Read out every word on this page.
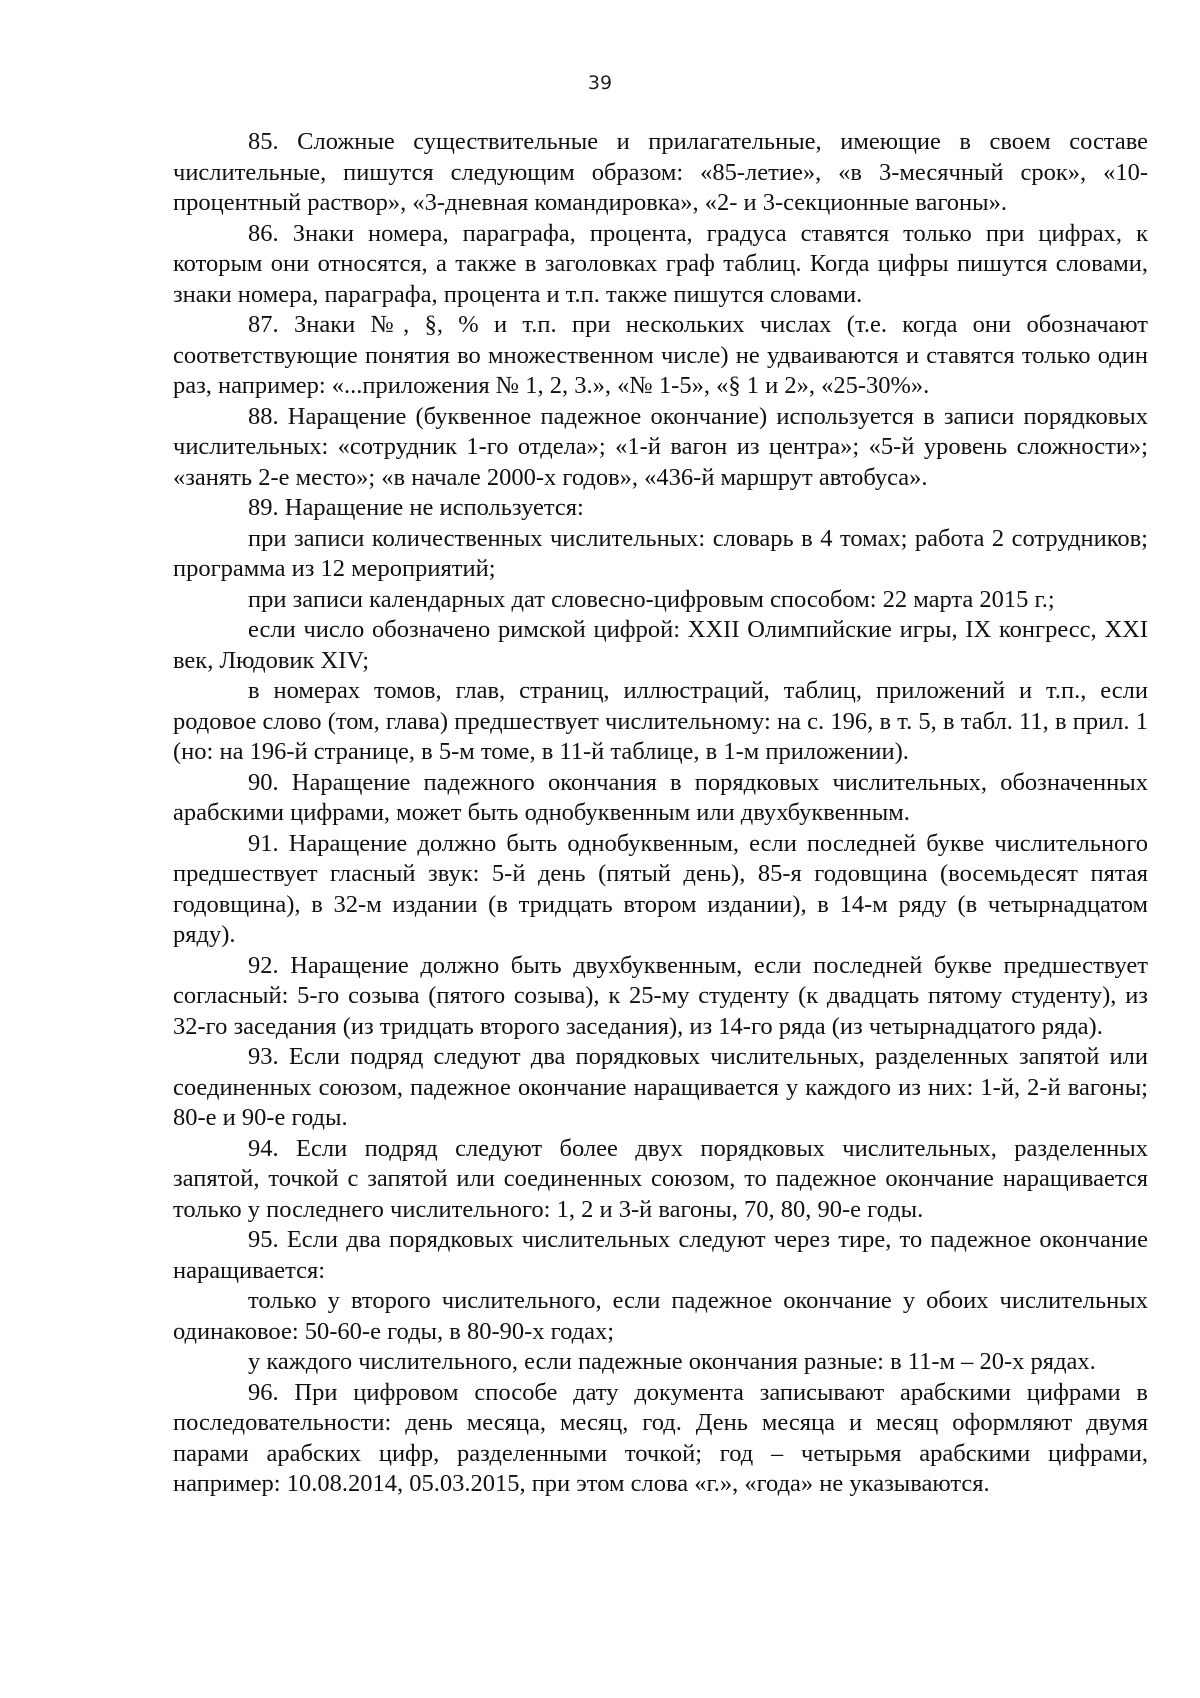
39

85. Сложные существительные и прилагательные, имеющие в своем составе числительные, пишутся следующим образом: «85-летие», «в 3-месячный срок», «10-процентный раствор», «3-дневная командировка», «2- и 3-секционные вагоны».

86. Знаки номера, параграфа, процента, градуса ставятся только при цифрах, к которым они относятся, а также в заголовках граф таблиц. Когда цифры пишутся словами, знаки номера, параграфа, процента и т.п. также пишутся словами.

87. Знаки №, §, % и т.п. при нескольких числах (т.е. когда они обозначают соответствующие понятия во множественном числе) не удваиваются и ставятся только один раз, например: «...приложения № 1, 2, 3.», «№ 1-5», «§ 1 и 2», «25-30%».

88. Наращение (буквенное падежное окончание) используется в записи порядковых числительных: «сотрудник 1-го отдела»; «1-й вагон из центра»; «5-й уровень сложности»; «занять 2-е место»; «в начале 2000-х годов», «436-й маршрут автобуса».

89. Наращение не используется:

при записи количественных числительных: словарь в 4 томах; работа 2 сотрудников; программа из 12 мероприятий;

при записи календарных дат словесно-цифровым способом: 22 марта 2015 г.;

если число обозначено римской цифрой: XXII Олимпийские игры, IX конгресс, XXI век, Людовик XIV;

в номерах томов, глав, страниц, иллюстраций, таблиц, приложений и т.п., если родовое слово (том, глава) предшествует числительному: на с. 196, в т. 5, в табл. 11, в прил. 1 (но: на 196-й странице, в 5-м томе, в 11-й таблице, в 1-м приложении).

90. Наращение падежного окончания в порядковых числительных, обозначенных арабскими цифрами, может быть однобуквенным или двухбуквенным.

91. Наращение должно быть однобуквенным, если последней букве числительного предшествует гласный звук: 5-й день (пятый день), 85-я годовщина (восемьдесят пятая годовщина), в 32-м издании (в тридцать втором издании), в 14-м ряду (в четырнадцатом ряду).

92. Наращение должно быть двухбуквенным, если последней букве предшествует согласный: 5-го созыва (пятого созыва), к 25-му студенту (к двадцать пятому студенту), из 32-го заседания (из тридцать второго заседания), из 14-го ряда (из четырнадцатого ряда).

93. Если подряд следуют два порядковых числительных, разделенных запятой или соединенных союзом, падежное окончание наращивается у каждого из них: 1-й, 2-й вагоны; 80-е и 90-е годы.

94. Если подряд следуют более двух порядковых числительных, разделенных запятой, точкой с запятой или соединенных союзом, то падежное окончание наращивается только у последнего числительного: 1, 2 и 3-й вагоны, 70, 80, 90-е годы.

95. Если два порядковых числительных следуют через тире, то падежное окончание наращивается:

только у второго числительного, если падежное окончание у обоих числительных одинаковое: 50-60-е годы, в 80-90-х годах;

у каждого числительного, если падежные окончания разные: в 11-м – 20-х рядах.

96. При цифровом способе дату документа записывают арабскими цифрами в последовательности: день месяца, месяц, год. День месяца и месяц оформляют двумя парами арабских цифр, разделенными точкой; год – четырьмя арабскими цифрами, например: 10.08.2014, 05.03.2015, при этом слова «г.», «года» не указываются.
